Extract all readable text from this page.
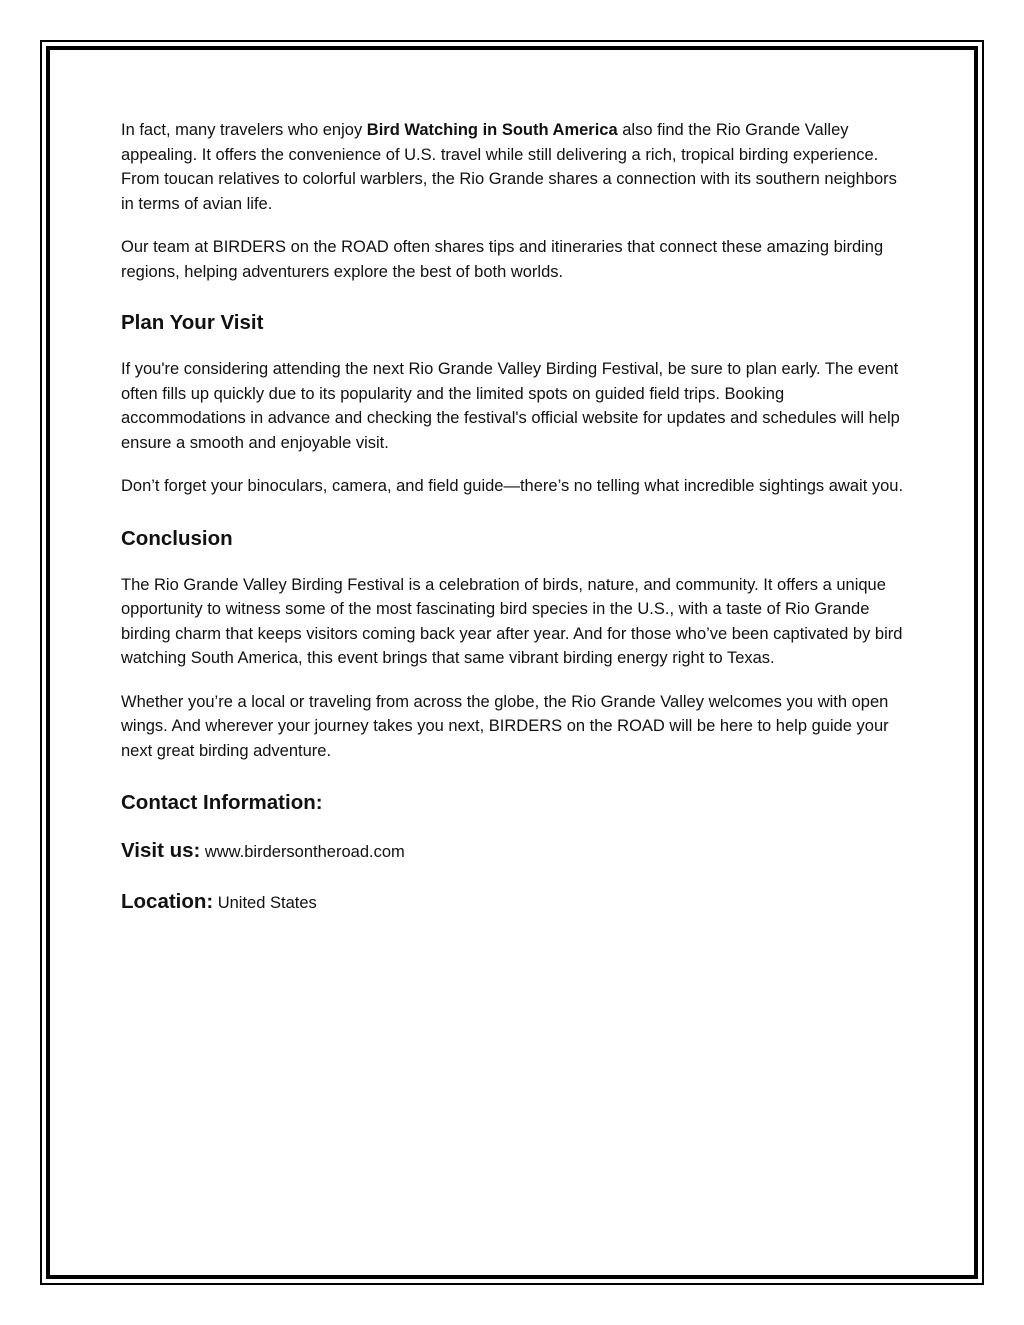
In fact, many travelers who enjoy Bird Watching in South America also find the Rio Grande Valley appealing. It offers the convenience of U.S. travel while still delivering a rich, tropical birding experience. From toucan relatives to colorful warblers, the Rio Grande shares a connection with its southern neighbors in terms of avian life.

Our team at BIRDERS on the ROAD often shares tips and itineraries that connect these amazing birding regions, helping adventurers explore the best of both worlds.

Plan Your Visit

If you're considering attending the next Rio Grande Valley Birding Festival, be sure to plan early. The event often fills up quickly due to its popularity and the limited spots on guided field trips. Booking accommodations in advance and checking the festival's official website for updates and schedules will help ensure a smooth and enjoyable visit.

Don’t forget your binoculars, camera, and field guide—there’s no telling what incredible sightings await you.

Conclusion

The Rio Grande Valley Birding Festival is a celebration of birds, nature, and community. It offers a unique opportunity to witness some of the most fascinating bird species in the U.S., with a taste of Rio Grande birding charm that keeps visitors coming back year after year. And for those who’ve been captivated by bird watching South America, this event brings that same vibrant birding energy right to Texas.

Whether you’re a local or traveling from across the globe, the Rio Grande Valley welcomes you with open wings. And wherever your journey takes you next, BIRDERS on the ROAD will be here to help guide your next great birding adventure.

Contact Information:
Visit us: www.birdersontheroad.com
Location: United States
